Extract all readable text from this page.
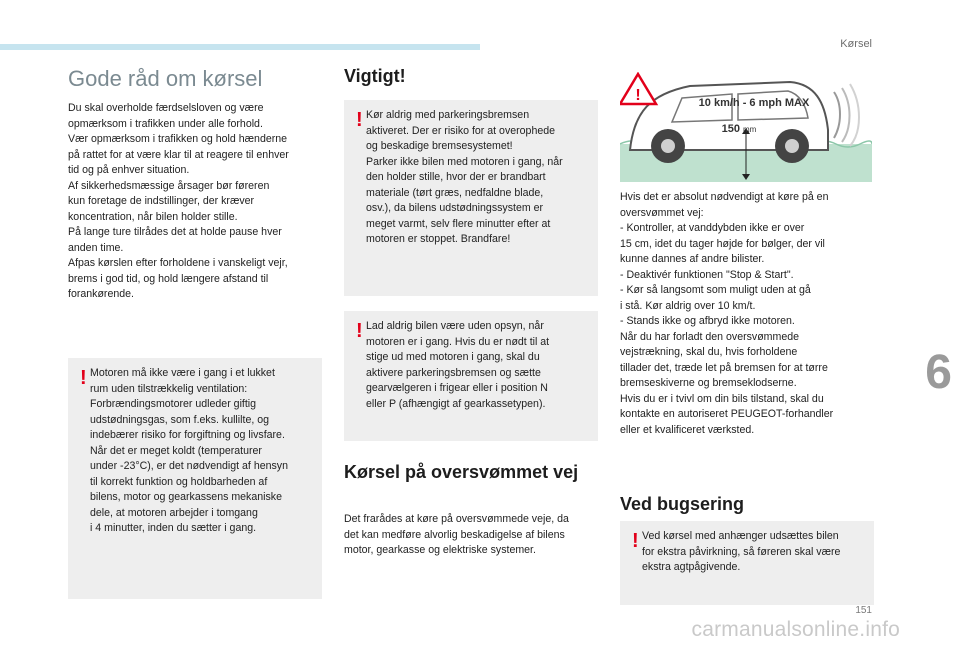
Kørsel
6
Gode råd om kørsel
Du skal overholde færdselsloven og være
opmærksom i trafikken under alle forhold.
Vær opmærksom i trafikken og hold hænderne
på rattet for at være klar til at reagere til enhver
tid og på enhver situation.
Af sikkerhedsmæssige årsager bør føreren
kun foretage de indstillinger, der kræver
koncentration, når bilen holder stille.
På lange ture tilrådes det at holde pause hver
anden time.
Afpas kørslen efter forholdene i vanskeligt vejr,
brems i god tid, og hold længere afstand til
forankørende.
! Motoren må ikke være i gang i et lukket
rum uden tilstrækkelig ventilation:
Forbrændingsmotorer udleder giftig
udstødningsgas, som f.eks. kullilte, og
indebærer risiko for forgiftning og livsfare.
Når det er meget koldt (temperaturer
under -23°C), er det nødvendigt af hensyn
til korrekt funktion og holdbarheden af
bilens, motor og gearkassens mekaniske
dele, at motoren arbejder i tomgang
i 4 minutter, inden du sætter i gang.
Vigtigt!
! Kør aldrig med parkeringsbremsen
aktiveret. Der er risiko for at overophede
og beskadige bremsesystemet!
Parker ikke bilen med motoren i gang, når
den holder stille, hvor der er brandbart
materiale (tørt græs, nedfaldne blade,
osv.), da bilens udstødningssystem er
meget varmt, selv flere minutter efter at
motoren er stoppet. Brandfare!
! Lad aldrig bilen være uden opsyn, når
motoren er i gang. Hvis du er nødt til at
stige ud med motoren i gang, skal du
aktivere parkeringsbremsen og sætte
gearvælgeren i frigear eller i position N
eller P (afhængigt af gearkassetypen).
Kørsel på oversvømmet vej
Det frarådes at køre på oversvømmede veje, da
det kan medføre alvorlig beskadigelse af bilens
motor, gearkasse og elektriske systemer.
!	10 km/h - 6 mph MAX
150 mm
Hvis det er absolut nødvendigt at køre på en
oversvømmet vej:
- Kontroller, at vanddybden ikke er over
15 cm, idet du tager højde for bølger, der vil
kunne dannes af andre bilister.
- Deaktivér funktionen "Stop & Start".
- Kør så langsomt som muligt uden at gå
i stå. Kør aldrig over 10 km/t.
- Stands ikke og afbryd ikke motoren.
Når du har forladt den oversvømmede
vejstrækning, skal du, hvis forholdene
tillader det, træde let på bremsen for at tørre
bremseskiverne og bremseklodserne.
Hvis du er i tvivl om din bils tilstand, skal du
kontakte en autoriseret PEUGEOT-forhandler
eller et kvalificeret værksted.
Ved bugsering
! Ved kørsel med anhænger udsættes bilen
for ekstra påvirkning, så føreren skal være
ekstra agtpågivende.
151
carmanualsonline.info
